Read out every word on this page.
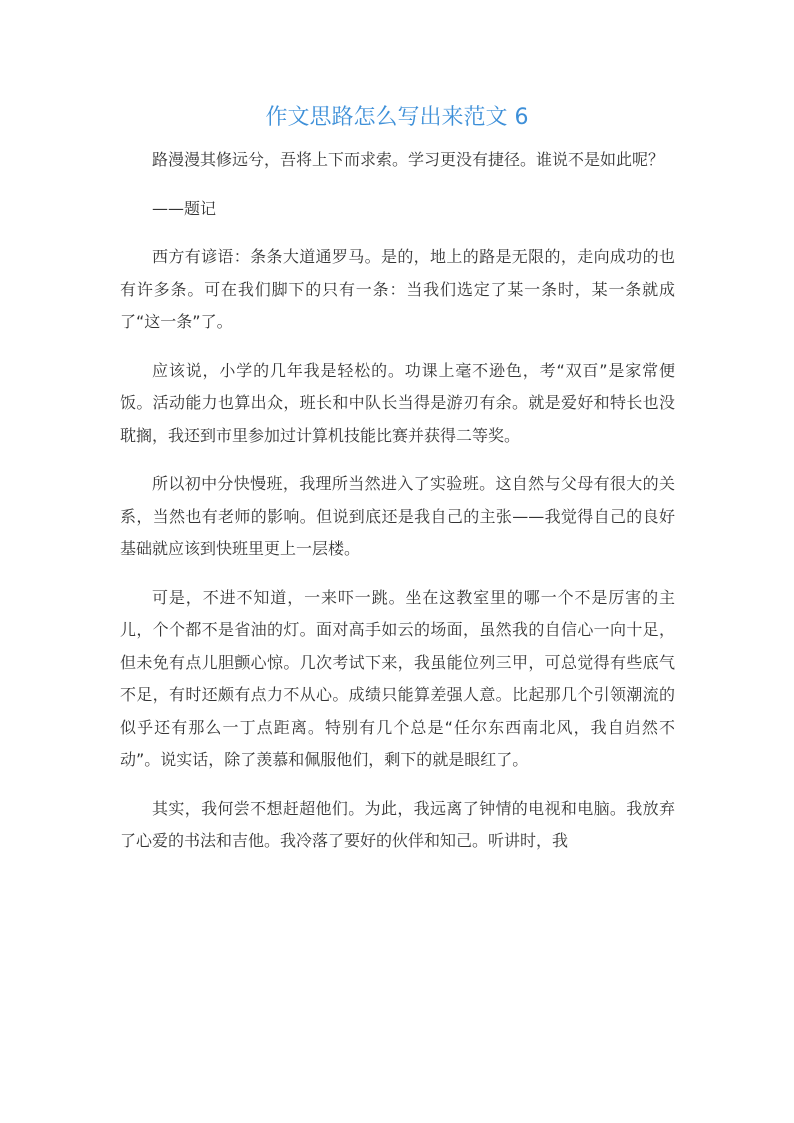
作文思路怎么写出来范文 6

路漫漫其修远兮，吾将上下而求索。学习更没有捷径。谁说不是如此呢？

——题记

西方有谚语：条条大道通罗马。是的，地上的路是无限的，走向成功的也有许多条。可在我们脚下的只有一条：当我们选定了某一条时，某一条就成了“这一条”了。

应该说，小学的几年我是轻松的。功课上毫不逊色，考“双百”是家常便饭。活动能力也算出众，班长和中队长当得是游刃有余。就是爱好和特长也没耽搁，我还到市里参加过计算机技能比赛并获得二等奖。

所以初中分快慢班，我理所当然进入了实验班。这自然与父母有很大的关系，当然也有老师的影响。但说到底还是我自己的主张——我觉得自己的良好基础就应该到快班里更上一层楼。

可是，不进不知道，一来吓一跳。坐在这教室里的哪一个不是厉害的主儿，个个都不是省油的灯。面对高手如云的场面，虽然我的自信心一向十足，但未免有点儿胆颤心惊。几次考试下来，我虽能位列三甲，可总觉得有些底气不足，有时还颇有点力不从心。成绩只能算差强人意。比起那几个引领潮流的似乎还有那么一丁点距离。特别有几个总是“任尔东西南北风，我自岿然不动”。说实话，除了羡慕和佩服他们，剩下的就是眼红了。

其实，我何尝不想赶超他们。为此，我远离了钟情的电视和电脑。我放弃了心爱的书法和吉他。我冷落了要好的伙伴和知己。听讲时，我
